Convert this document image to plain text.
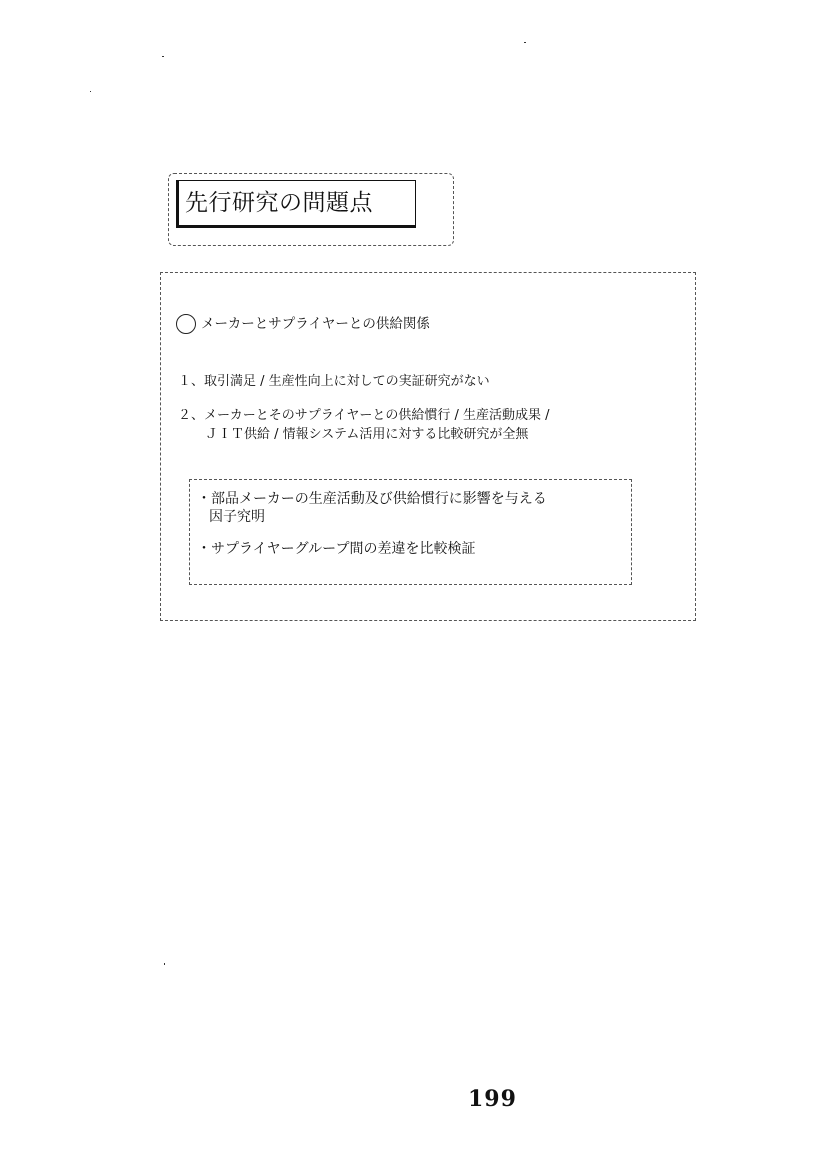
先行研究の問題点
メーカーとサプライヤーとの供給関係
１、取引満足 / 生産性向上に対しての実証研究がない
２、メーカーとそのサプライヤーとの供給慣行 / 生産活動成果 /
ＪＩＴ供給 / 情報システム活用に対する比較研究が全無
・部品メーカーの生産活動及び供給慣行に影響を与える
因子究明
・サプライヤーグループ間の差違を比較検証
199
